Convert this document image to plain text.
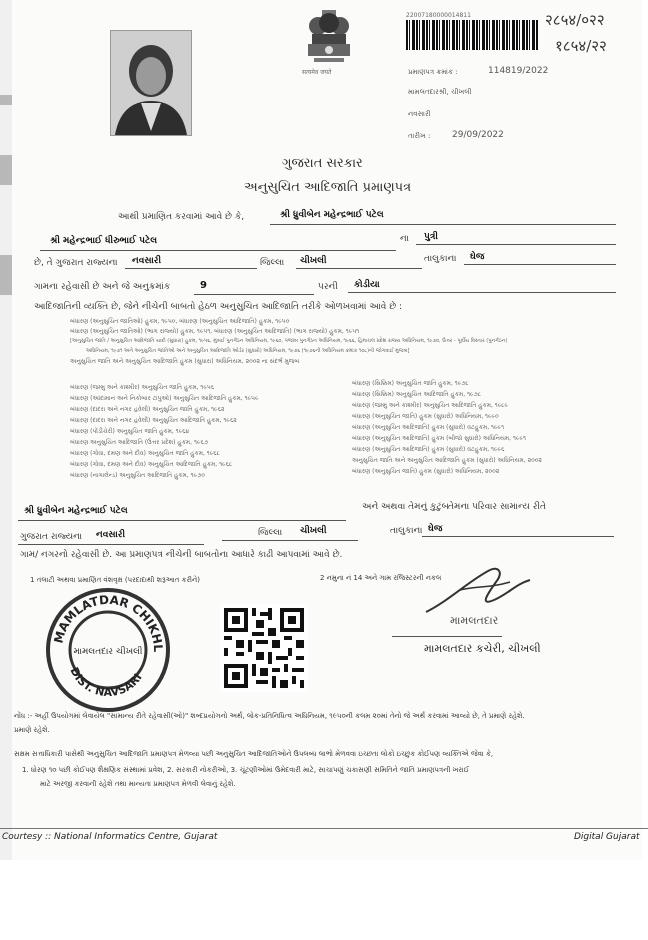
सत्यमेव जयते
22007180000014811	२८५४/०२२
१८५४/२२
પ્રમાણપત્ર ક્રમાંક :	114819/2022
મામલતદારશ્રી, ચીખલી
નવસારી
તારીખ : 29/09/2022
ગુજરાત સરકાર
અનુસુચિત આદિજાતિ પ્રમાણપત્ર
આથી પ્રમાણિત કરવામાં આવે છે કે,	શ્રી ધ્રુવીબેન મહેન્દ્રભાઈ પટેલ
શ્રી મહેન્દ્રભાઈ ધીરુભાઈ પટેલ	ના પુત્રી
છે, તે ગુજરાત રાજ્યના નવસારી	જિલ્લા ચીખલી	તાલુકાના ઘેજ
ગામના રહેવાસી છે અને જે અનુક્રમાંક	9	પરની કોડીયા
આદિજાતિની વ્યક્તિ છે, જેને નીચેની બાબતો હેઠળ અનુસુચિત આદિજાતિ તરીકે ઓળખવામાં આવે છે :
બંધારણ (અનુસુચિત જાતિઓ) હુકમ, ૧૯૫૦, બંધારણ (અનુસુચિત આદિજાતિ) હુકમ, ૧૯૫૦
બંધારણ (અનુસુચિત જાતિઓ) (ભાગ રાજ્યો) હુકમ, ૧૯૫૧, બંધારણ (અનુસુચિત આદિજાતિ) (ભાગ રાજ્યો) હુકમ, ૧૯૫૧
[અનુસુચિત જાતિ / અનુસુચિત આદિજાતિ યાદી (સુધારા) હુકમ, ૧૯૫૬, મુંબઈ પુનર્ગઠન અધિનિયમ, ૧૯૬૦, પંજાબ પુનર્ગઠન અધિનિયમ, ૧૯૬૬, હિમાચલ પ્રદેશ રાજ્ય અધિનિયમ, ૧૯૭૦, ઉત્તર - પૂર્વીય વિસ્તાર (પુનર્ગઠન)
અધિનિયમ, ૧૯૭૧ અને અનુસુચિત જાતિઓ અને અનુસુચિત આદિજાતિ ઓર્ડર (સુધારો) અધિનિયમ, ૧૯૭૬ (૧૯૭૬ની અધિનિયમ ક્રમાંક ૧૦૮)ની જોગવાઈ મુજબ]
અનુસુચિત જાતિ અને અનુસુચિત આદિજાતિ હુકમ (સુધારા) અધિનિયમ, ૨૦૦૨ ના સંદર્ભ મુજબ
બંધારણ (જમ્મુ અને કાશ્મીર) અનુસુચિત જાતિ હુકમ, ૧૯૫૬
બંધારણ (આંદામાન અને નિકોબાર ટાપુઓ) અનુસુચિત આદિજાતિ હુકમ, ૧૯૫૯
બંધારણ (દાદરા અને નગર હવેલી) અનુસુચિત જાતિ હુકમ, ૧૯૬૨
બંધારણ (દાદરા અને નગર હવેલી) અનુસુચિત આદિજાતિ હુકમ, ૧૯૬૨
બંધારણ (પોંડીચેરી) અનુસુચિત જાતિ હુકમ, ૧૯૬૪
બંધારણ અનુસુચિત આદિજાતિ (ઉત્તર પ્રદેશ) હુકમ, ૧૯૬૭
બંધારણ (ગોવા, દમણ અને દીવ) અનુસુચિત જાતિ હુકમ, ૧૯૬૮
બંધારણ (ગોવા, દમણ અને દીવ) અનુસુચિત આદિજાતિ હુકમ, ૧૯૬૮
બંધારણ (નાગાલેન્ડ) અનુસુચિત આદિજાતિ હુકમ, ૧૯૭૦
બંધારણ (સિક્કિમ) અનુસુચિત જાતિ હુકમ, ૧૯૭૮
બંધારણ (સિક્કિમ) અનુસુચિત આદિજાતિ હુકમ, ૧૯૭૮
બંધારણ (જમ્મુ અને કાશ્મીર) અનુસુચિત આદિજાતિ હુકમ, ૧૯૮૯
બંધારણ (અનુસુચિત જાતિ) હુકમ (સુધારો) અધિનિયમ, ૧૯૯૦
બંધારણ (અનુસુચિત આદિજાતિ) હુકમ (સુધારો) વટહુકમ, ૧૯૯૧
બંધારણ (અનુસુચિત આદિજાતિ) હુકમ (બીજો સુધારો) અધિનિયમ, ૧૯૯૧
બંધારણ (અનુસુચિત આદિજાતિ) હુકમ (સુધારો) વટહુકમ, ૧૯૯૬
અનુસુચિત જાતિ અને અનુસુચિત આદિજાતિ હુકમ (સુધારો) અધિનિયમ, ૨૦૦૨
બંધારણ (અનુસુચિત જાતિ) હુકમ (સુધારો) અધિનિયમ, ૨૦૦૨
શ્રી ધ્રુવીબેન મહેન્દ્રભાઈ પટેલ	અને અથવા તેમનું કુટુંબ તેમના પરિવાર સામાન્ય રીતે
ગુજરાત રાજ્યના નવસારી	જિલ્લા ચીખલી	તાલુકાના ઘેજ
ગામ/ નગરનો રહેવાસી છે. આ પ્રમાણપત્ર નીચેની બાબતોના આધારે કાઢી આપવામાં આવે છે.
1 તલાટી અથવા પ્રમાણિત વંશવૃક્ષ (પરદાદાથી શરૂઆત કરીને)	2 નમુના નં 14 અને ગામ રજિસ્ટરની નકલ
MAMLATDAR CHIKHL
DIST. NAVSARI
મામલતદાર ચીખલી
મામલતદાર
મામલતદાર કચેરી, ચીખલી
નોંધ :- અહીં ઉપયોગમાં લેવાયેલ "સામાન્ય રીતે રહેવાસી(ઓ)" શબ્દપ્રયોગનો અર્થ, લોક-પ્રતિનિધિત્વ અધિનિયમ, ૧૯૫૦ની કલમ ૨૦માં તેનો જે અર્થ કરવામાં આવ્યો છે, તે પ્રમાણે રહેશે.
પ્રમાણે રહેશે.
સક્ષમ સત્તાધિકારી પાસેથી અનુસુચિત આદિજાતિ પ્રમાણપત્ર મેળવ્યા પછી અનુસુચિત આદિજાતિઓને ઉપલબ્ધ લાભો મેળવવા ઇચ્છતા લોકો ઇચ્છુક કોઈપણ વ્યક્તિએ જેવા કે,
1. ધોરણ ૧૦ પછી કોઈપણ શૈક્ષણિક સંસ્થામાં પ્રવેશ, 2. સરકારી નોકરીઓ, 3. ચૂંટણીઓમાં ઉમેદવારી માટે, સાચાપણું ચકાસણી સમિતિને જાતિ પ્રમાણપત્રની ખરાઈ
માટે અરજી કરવાની રહેશે તથા માન્યતા પ્રમાણપત્ર મેળવી લેવાનું રહેશે.
Courtesy :: National Informatics Centre, Gujarat	Digital Gujarat
